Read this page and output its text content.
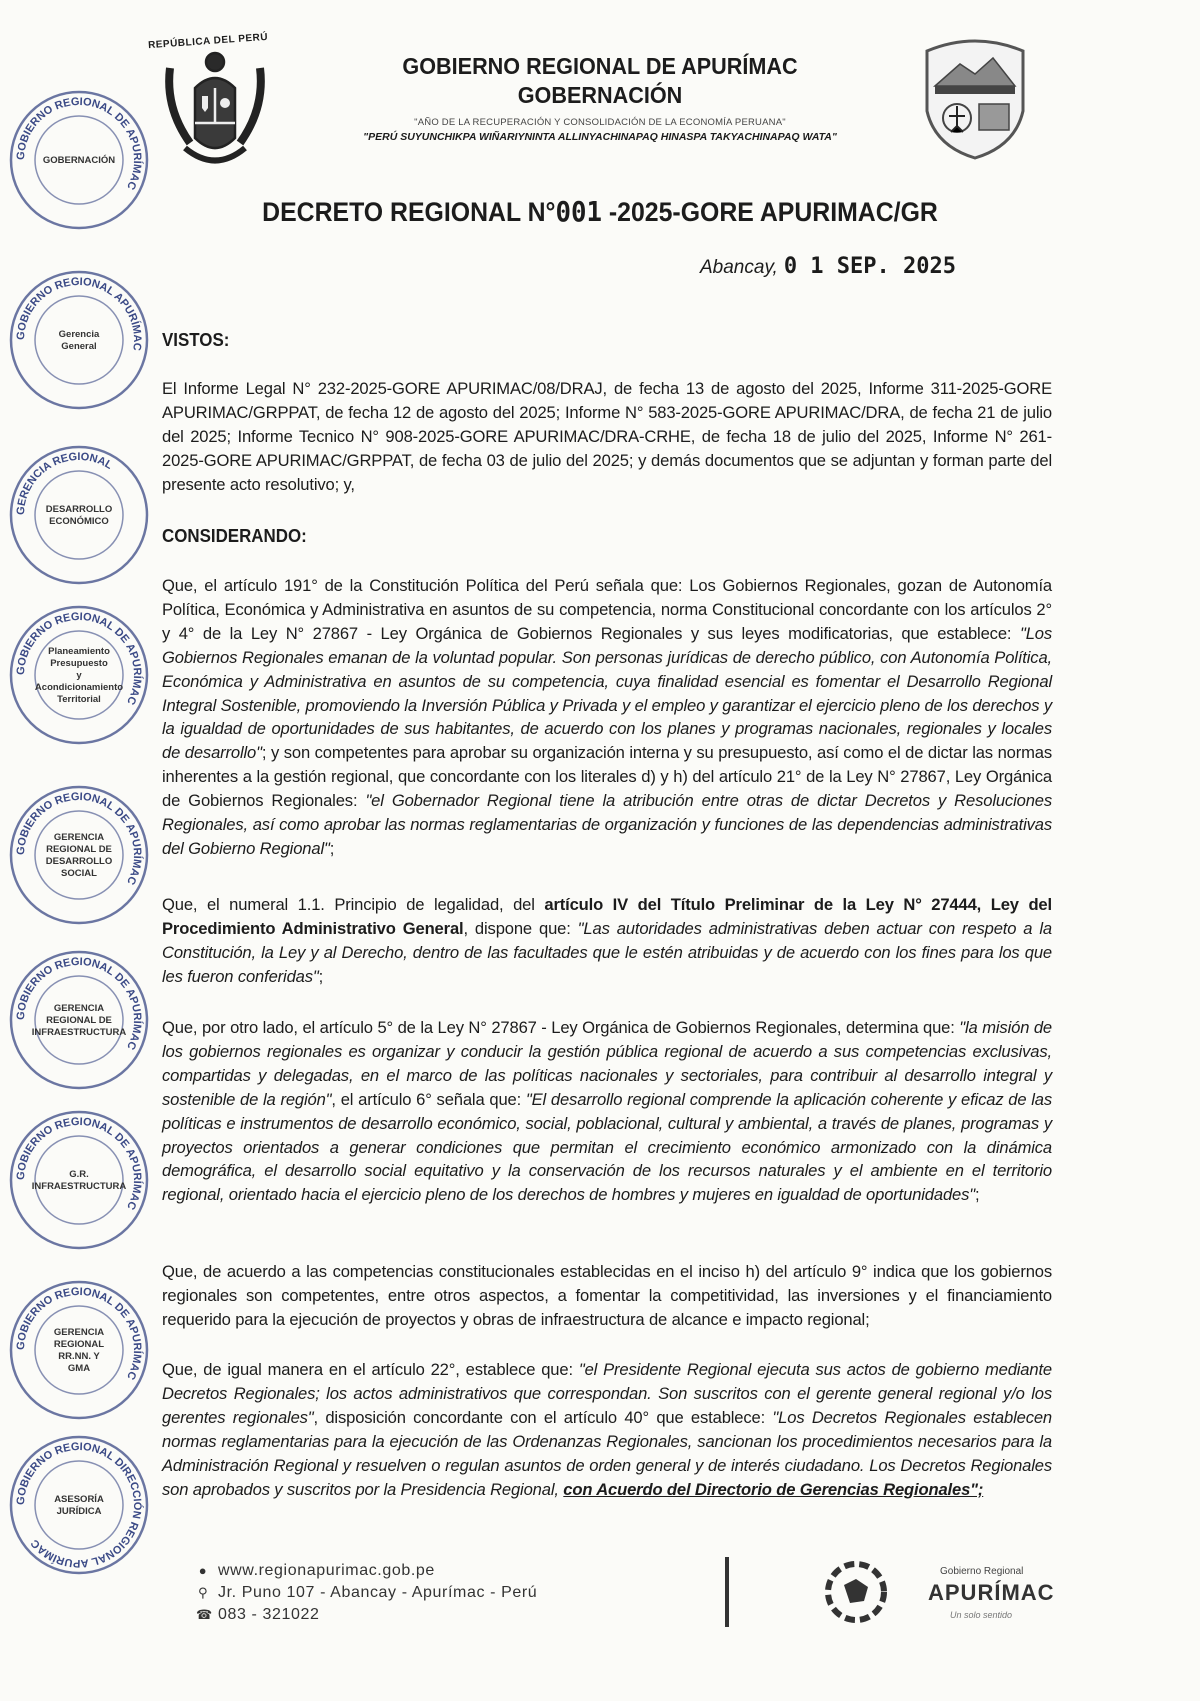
REPÚBLICA DEL PERÚ
GOBIERNO REGIONAL DE APURÍMAC
GOBERNACIÓN
"AÑO DE LA RECUPERACIÓN Y CONSOLIDACIÓN DE LA ECONOMÍA PERUANA"
"PERÚ SUYUNCHIKPA WIÑARIYNINTA ALLINYACHINAPAQ HINASPA TAKYACHINAPAQ WATA"
DECRETO REGIONAL N°001 -2025-GORE APURIMAC/GR
Abancay, 0 1 SEP. 2025
VISTOS:
El Informe Legal N° 232-2025-GORE APURIMAC/08/DRAJ, de fecha 13 de agosto del 2025, Informe 311-2025-GORE APURIMAC/GRPPAT, de fecha 12 de agosto del 2025; Informe N° 583-2025-GORE APURIMAC/DRA, de fecha 21 de julio del 2025; Informe Tecnico N° 908-2025-GORE APURIMAC/DRA-CRHE, de fecha 18 de julio del 2025, Informe N° 261-2025-GORE APURIMAC/GRPPAT, de fecha 03 de julio del 2025; y demás documentos que se adjuntan y forman parte del presente acto resolutivo; y,
CONSIDERANDO:
Que, el artículo 191° de la Constitución Política del Perú señala que: Los Gobiernos Regionales, gozan de Autonomía Política, Económica y Administrativa en asuntos de su competencia, norma Constitucional concordante con los artículos 2° y 4° de la Ley N° 27867 - Ley Orgánica de Gobiernos Regionales y sus leyes modificatorias, que establece: "Los Gobiernos Regionales emanan de la voluntad popular. Son personas jurídicas de derecho público, con Autonomía Política, Económica y Administrativa en asuntos de su competencia, cuya finalidad esencial es fomentar el Desarrollo Regional Integral Sostenible, promoviendo la Inversión Pública y Privada y el empleo y garantizar el ejercicio pleno de los derechos y la igualdad de oportunidades de sus habitantes, de acuerdo con los planes y programas nacionales, regionales y locales de desarrollo"; y son competentes para aprobar su organización interna y su presupuesto, así como el de dictar las normas inherentes a la gestión regional, que concordante con los literales d) y h) del artículo 21° de la Ley N° 27867, Ley Orgánica de Gobiernos Regionales: "el Gobernador Regional tiene la atribución entre otras de dictar Decretos y Resoluciones Regionales, así como aprobar las normas reglamentarias de organización y funciones de las dependencias administrativas del Gobierno Regional";
Que, el numeral 1.1. Principio de legalidad, del artículo IV del Título Preliminar de la Ley N° 27444, Ley del Procedimiento Administrativo General, dispone que: "Las autoridades administrativas deben actuar con respeto a la Constitución, la Ley y al Derecho, dentro de las facultades que le estén atribuidas y de acuerdo con los fines para los que les fueron conferidas";
Que, por otro lado, el artículo 5° de la Ley N° 27867 - Ley Orgánica de Gobiernos Regionales, determina que: "la misión de los gobiernos regionales es organizar y conducir la gestión pública regional de acuerdo a sus competencias exclusivas, compartidas y delegadas, en el marco de las políticas nacionales y sectoriales, para contribuir al desarrollo integral y sostenible de la región", el artículo 6° señala que: "El desarrollo regional comprende la aplicación coherente y eficaz de las políticas e instrumentos de desarrollo económico, social, poblacional, cultural y ambiental, a través de planes, programas y proyectos orientados a generar condiciones que permitan el crecimiento económico armonizado con la dinámica demográfica, el desarrollo social equitativo y la conservación de los recursos naturales y el ambiente en el territorio regional, orientado hacia el ejercicio pleno de los derechos de hombres y mujeres en igualdad de oportunidades";
Que, de acuerdo a las competencias constitucionales establecidas en el inciso h) del artículo 9° indica que los gobiernos regionales son competentes, entre otros aspectos, a fomentar la competitividad, las inversiones y el financiamiento requerido para la ejecución de proyectos y obras de infraestructura de alcance e impacto regional;
Que, de igual manera en el artículo 22°, establece que: "el Presidente Regional ejecuta sus actos de gobierno mediante Decretos Regionales; los actos administrativos que correspondan. Son suscritos con el gerente general regional y/o los gerentes regionales", disposición concordante con el artículo 40° que establece: "Los Decretos Regionales establecen normas reglamentarias para la ejecución de las Ordenanzas Regionales, sancionan los procedimientos necesarios para la Administración Regional y resuelven o regulan asuntos de orden general y de interés ciudadano. Los Decretos Regionales son aprobados y suscritos por la Presidencia Regional, con Acuerdo del Directorio de Gerencias Regionales";
GOBIERNO REGIONAL DE APURÍMAC
GOBERNACIÓN
GOBIERNO REGIONAL APURÍMAC
Gerencia
General
GERENCIA REGIONAL
DESARROLLO
ECONÓMICO
GOBIERNO REGIONAL DE APURÍMAC
Planeamiento
Presupuesto
y
Acondicionamiento
Territorial
GOBIERNO REGIONAL DE APURÍMAC
GERENCIA
REGIONAL DE
DESARROLLO
SOCIAL
GOBIERNO REGIONAL DE APURÍMAC
GERENCIA
REGIONAL DE
INFRAESTRUCTURA
GOBIERNO REGIONAL DE APURÍMAC
G.R.
INFRAESTRUCTURA
GOBIERNO REGIONAL DE APURÍMAC
GERENCIA
REGIONAL
RR.NN. Y
GMA
GOBIERNO REGIONAL DIRECCIÓN REGIONAL APURÍMAC
ASESORÍA
JURÍDICA
● www.regionapurimac.gob.pe
⚲ Jr. Puno 107 - Abancay - Apurímac - Perú
☎ 083 - 321022
Gobierno Regional
APURÍMAC
Un solo sentido
